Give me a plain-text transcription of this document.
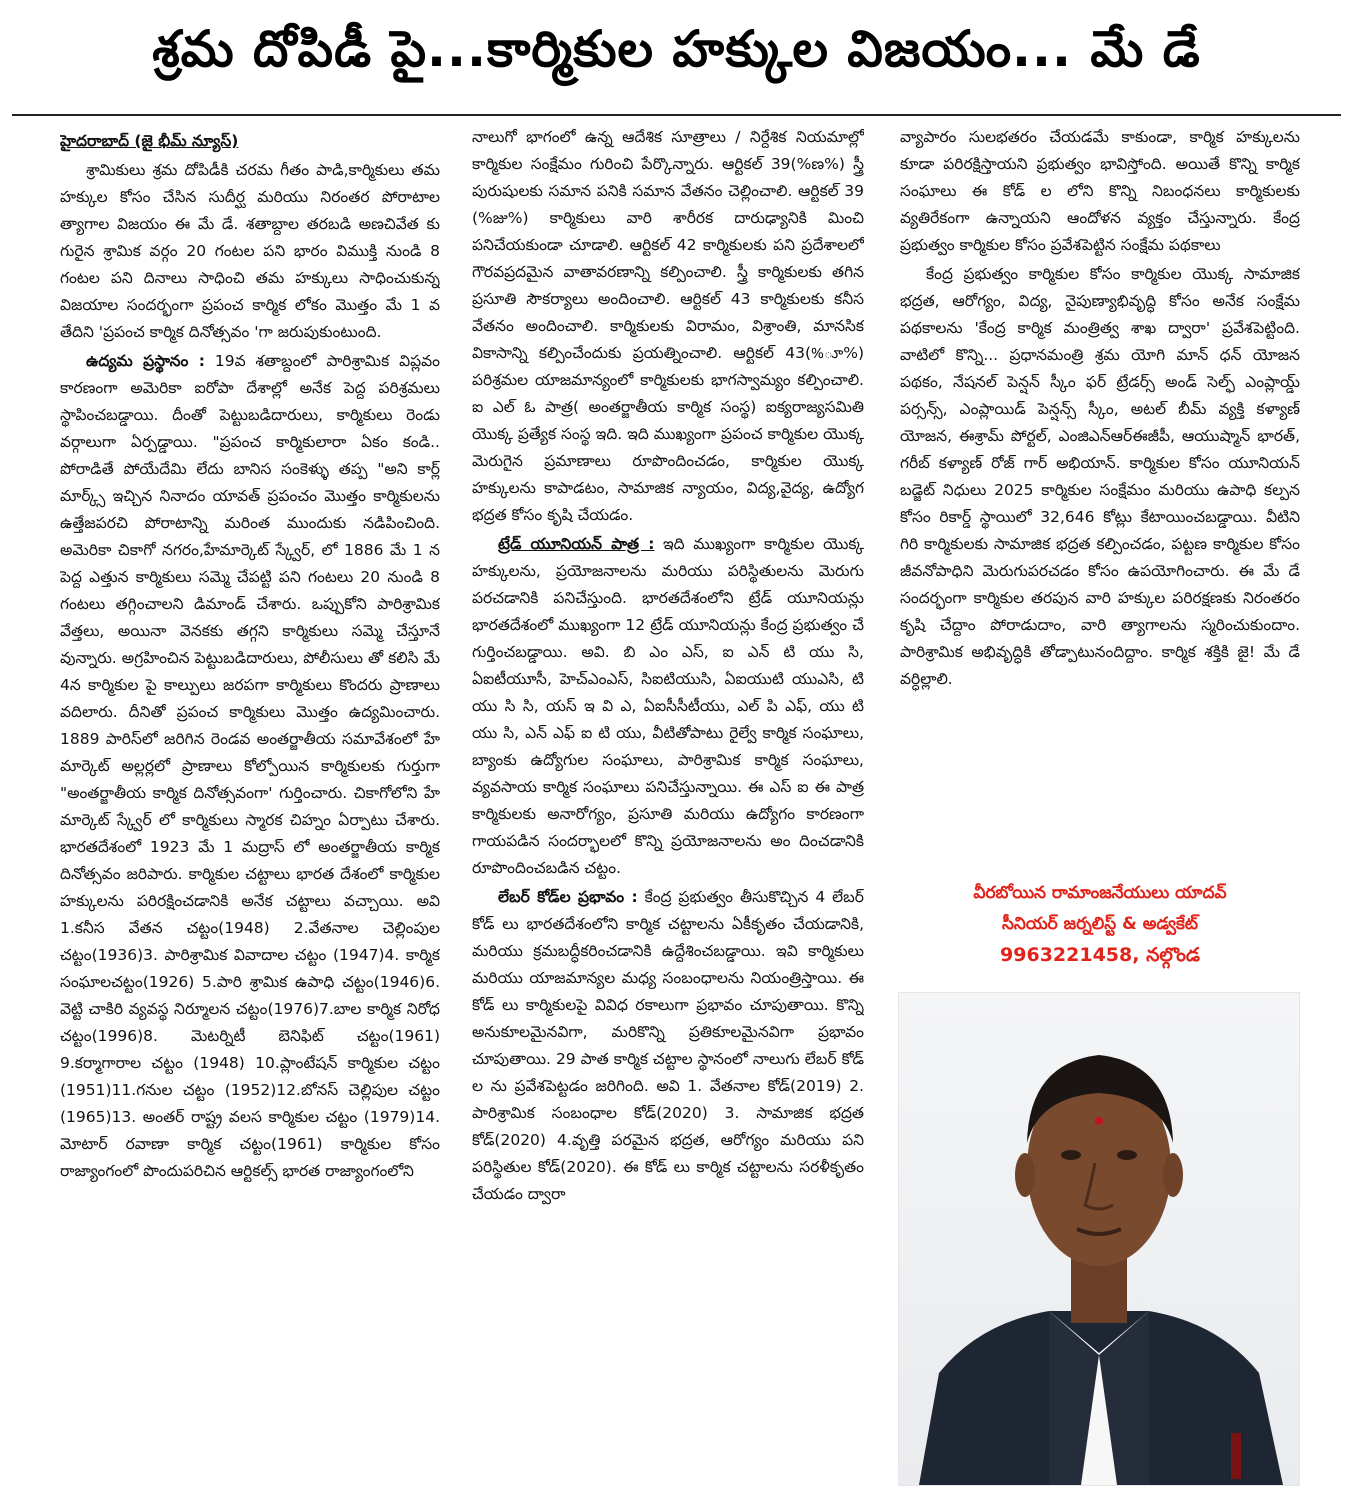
శ్రమ దోపిడీ పై...కార్మికుల హక్కుల విజయం... మే డే
హైదరాబాద్ (జై భీమ్ న్యూస్)
శ్రామికులు శ్రమ దోపిడీకి చరమ గీతం పాడి,కార్మికులు తమ హక్కుల కోసం చేసిన సుదీర్ఘ మరియు నిరంతర పోరాటాల త్యాగాల విజయం ఈ మే డే. శతాబ్దాల తరబడి అణచివేత కు గురైన శ్రామిక వర్గం 20 గంటల పని భారం విముక్తి నుండి 8 గంటల పని దినాలు సాధించి తమ హక్కులు సాధించుకున్న విజయాల సందర్భంగా ప్రపంచ కార్మిక లోకం మొత్తం మే 1 వ తేదిని 'ప్రపంచ కార్మిక దినోత్సవం 'గా జరుపుకుంటుంది.
ఉద్యమ ప్రస్థానం : 19వ శతాబ్దంలో పారిశ్రామిక విప్లవం కారణంగా అమెరికా ఐరోపా దేశాల్లో అనేక పెద్ద పరిశ్రమలు స్థాపించబడ్డాయి. దీంతో పెట్టుబడిదారులు, కార్మికులు రెండు వర్గాలుగా ఏర్పడ్డాయి. "ప్రపంచ కార్మికులారా ఏకం కండి.. పోరాడితే పోయేదేమి లేదు బానిస సంకెళ్ళు తప్ప "అని కార్ల్ మార్క్స్ ఇచ్చిన నినాదం యావత్ ప్రపంచం మొత్తం కార్మికులను ఉత్తేజపరచి పోరాటాన్ని మరింత ముందుకు నడిపించింది. అమెరికా చికాగో నగరం,హేమార్కెట్ స్క్వేర్, లో 1886 మే 1 న పెద్ద ఎత్తున కార్మికులు సమ్మె చేపట్టి పని గంటలు 20 నుండి 8 గంటలు తగ్గించాలని డిమాండ్ చేశారు. ఒప్పుకోని పారిశ్రామిక వేత్తలు, అయినా వెనకకు తగ్గని కార్మికులు సమ్మె చేస్తూనే వున్నారు. అగ్రహించిన పెట్టుబడిదారులు, పోలీసులు తో కలిసి మే 4న కార్మికుల పై కాల్పులు జరపగా కార్మికులు కొందరు ప్రాణాలు వదిలారు. దీనితో ప్రపంచ కార్మికులు మొత్తం ఉద్యమించారు. 1889 పారిస్‌లో జరిగిన రెండవ అంతర్జాతీయ సమావేశంలో హే మార్కెట్ అల్లర్లలో ప్రాణాలు కోల్పోయిన కార్మికులకు గుర్తుగా "అంతర్జాతీయ కార్మిక దినోత్సవంగా' గుర్తించారు. చికాగోలోని హే మార్కెట్ స్క్వేర్ లో కార్మికులు స్మారక చిహ్నం ఏర్పాటు చేశారు. భారతదేశంలో 1923 మే 1 మద్రాస్ లో అంతర్జాతీయ కార్మిక దినోత్సవం జరిపారు. కార్మికుల చట్టాలు భారత దేశంలో కార్మికుల హక్కులను పరిరక్షించడానికి అనేక చట్టాలు వచ్చాయి. అవి 1.కనీస వేతన చట్టం(1948) 2.వేతనాల చెల్లింపుల చట్టం(1936)3. పారిశ్రామిక వివాదాల చట్టం (1947)4. కార్మిక సంఘాలచట్టం(1926) 5.పారి శ్రామిక ఉపాధి చట్టం(1946)6. వెట్టి చాకిరి వ్యవస్థ నిర్మూలన చట్టం(1976)7.బాల కార్మిక నిరోధ చట్టం(1996)8. మెటర్నిటీ బెనిఫిట్ చట్టం(1961) 9.కర్మాగారాల చట్టం (1948) 10.ప్లాంటేషన్ కార్మికుల చట్టం (1951)11.గనుల చట్టం (1952)12.బోనస్ చెల్లిపుల చట్టం (1965)13. అంతర్ రాష్ట్ర వలస కార్మికుల చట్టం (1979)14. మోటార్ రవాణా కార్మిక చట్టం(1961) కార్మికుల కోసం రాజ్యాంగంలో పొందుపరిచిన ఆర్టికల్స్ భారత రాజ్యాంగంలోని
నాలుగో భాగంలో ఉన్న ఆదేశిక సూత్రాలు / నిర్దేశిక నియమాల్లో కార్మికుల సంక్షేమం గురించి పేర్కొన్నారు. ఆర్టికల్ 39(%ణ%) స్త్రీ పురుషులకు సమాన పనికి సమాన వేతనం చెల్లించాలి. ఆర్టికల్ 39 (%జు%) కార్మికులు వారి శారీరక దారుఢ్యానికి మించి పనిచేయకుండా చూడాలి. ఆర్టికల్ 42 కార్మికులకు పని ప్రదేశాలలో గౌరవప్రదమైన వాతావరణాన్ని కల్పించాలి. స్త్రీ కార్మికులకు తగిన ప్రసూతి సౌకర్యాలు అందించాలి. ఆర్టికల్ 43 కార్మికులకు కనీస వేతనం అందించాలి. కార్మికులకు విరామం, విశ్రాంతి, మానసిక వికాసాన్ని కల్పించేందుకు ప్రయత్నించాలి. ఆర్టికల్ 43(%ూ%) పరిశ్రమల యాజమాన్యంలో కార్మికులకు భాగస్వామ్యం కల్పించాలి. ఐ ఎల్ ఓ పాత్ర( అంతర్జాతీయ కార్మిక సంస్థ) ఐక్యరాజ్యసమితి యొక్క ప్రత్యేక సంస్థ ఇది. ఇది ముఖ్యంగా ప్రపంచ కార్మికుల యొక్క మెరుగైన ప్రమాణాలు రూపొందించడం, కార్మికుల యొక్క హక్కులను కాపాడటం, సామాజిక న్యాయం, విద్య,వైద్య, ఉద్యోగ భద్రత కోసం కృషి చేయడం.
ట్రేడ్ యూనియన్ పాత్ర : ఇది ముఖ్యంగా కార్మికుల యొక్క హక్కులను, ప్రయోజనాలను మరియు పరిస్థితులను మెరుగు పరచడానికి పనిచేస్తుంది. భారతదేశంలోని ట్రేడ్ యూనియన్లు భారతదేశంలో ముఖ్యంగా 12 ట్రేడ్ యూనియన్లు కేంద్ర ప్రభుత్వం చే గుర్తించబడ్డాయి. అవి. బి ఎం ఎస్, ఐ ఎన్ టి యు సి, ఏఐటీయూసీ, హెచ్ఎంఎస్, సిఐటియుసి, ఏఐయుటి యుఎసి, టి యు సి సి, యస్ ఇ వి ఎ, ఏఐసీసీటీయు, ఎల్ పి ఎఫ్, యు టి యు సి, ఎన్ ఎఫ్ ఐ టి యు, వీటితోపాటు రైల్వే కార్మిక సంఘాలు, బ్యాంకు ఉద్యోగుల సంఘాలు, పారిశ్రామిక కార్మిక సంఘాలు, వ్యవసాయ కార్మిక సంఘాలు పనిచేస్తున్నాయి. ఈ ఎస్ ఐ ఈ పాత్ర కార్మికులకు అనారోగ్యం, ప్రసూతి మరియు ఉద్యోగం కారణంగా గాయపడిన సందర్భాలలో కొన్ని ప్రయోజనాలను అం దించడానికి రూపొందించబడిన చట్టం.
లేబర్ కోడ్‌ల ప్రభావం : కేంద్ర ప్రభుత్వం తీసుకొచ్చిన 4 లేబర్ కోడ్ లు భారతదేశంలోని కార్మిక చట్టాలను ఏకీకృతం చేయడానికి, మరియు క్రమబద్ధీకరించడానికి ఉద్దేశించబడ్డాయి. ఇవి కార్మికులు మరియు యాజమాన్యల మధ్య సంబంధాలను నియంత్రిస్తాయి. ఈ కోడ్ లు కార్మికులపై వివిధ రకాలుగా ప్రభావం చూపుతాయి. కొన్ని అనుకూలమైనవిగా, మరికొన్ని ప్రతికూలమైనవిగా ప్రభావం చూపుతాయి. 29 పాత కార్మిక చట్టాల స్థానంలో నాలుగు లేబర్ కోడ్ ల ను ప్రవేశపెట్టడం జరిగింది. అవి 1. వేతనాల కోడ్(2019) 2. పారిశ్రామిక సంబంధాల కోడ్(2020) 3. సామాజిక భద్రత కోడ్(2020) 4.వృత్తి పరమైన భద్రత, ఆరోగ్యం మరియు పని పరిస్థితుల కోడ్(2020). ఈ కోడ్ లు కార్మిక చట్టాలను సరళీకృతం చేయడం ద్వారా
వ్యాపారం సులభతరం చేయడమే కాకుండా, కార్మిక హక్కులను కూడా పరిరక్షిస్తాయని ప్రభుత్వం భావిస్తోంది. అయితే కొన్ని కార్మిక సంఘాలు ఈ కోడ్ ల లోని కొన్ని నిబంధనలు కార్మికులకు వ్యతిరేకంగా ఉన్నాయని ఆందోళన వ్యక్తం చేస్తున్నారు. కేంద్ర ప్రభుత్వం కార్మికుల కోసం ప్రవేశపెట్టిన సంక్షేమ పథకాలు
కేంద్ర ప్రభుత్వం కార్మికుల కోసం కార్మికుల యొక్క సామాజిక భద్రత, ఆరోగ్యం, విద్య, నైపుణ్యాభివృద్ధి కోసం అనేక సంక్షేమ పథకాలను 'కేంద్ర కార్మిక మంత్రిత్వ శాఖ ద్వారా' ప్రవేశపెట్టింది. వాటిలో కొన్ని... ప్రధానమంత్రి శ్రమ యోగి మాన్ ధన్ యోజన పథకం, నేషనల్ పెన్షన్ స్కీం ఫర్ ట్రేడర్స్ అండ్ సెల్ఫ్ ఎంప్లాయ్డ్ పర్సన్స్, ఎంప్లాయిడ్ పెన్షన్స్ స్కీం, అటల్ బీమ్ వ్యక్తి కళ్యాణ్ యోజన, ఈశ్రామ్ పోర్టల్, ఎంజిఎన్ఆర్ఈజీపీ, ఆయుష్మాన్ భారత్, గరీబ్ కళ్యాణ్ రోజ్ గార్ అభియాన్. కార్మికుల కోసం యూనియన్ బడ్జెట్ నిధులు 2025 కార్మికుల సంక్షేమం మరియు ఉపాధి కల్పన కోసం రికార్డ్ స్థాయిలో 32,646 కోట్లు కేటాయించబడ్డాయి. వీటిని గిరి కార్మికులకు సామాజిక భద్రత కల్పించడం, పట్టణ కార్మికుల కోసం జీవనోపాధిని మెరుగుపరచడం కోసం ఉపయోగించారు. ఈ మే డే సందర్భంగా కార్మికుల తరపున వారి హక్కుల పరిరక్షణకు నిరంతరం కృషి చేద్దాం పోరాడుదాం, వారి త్యాగాలను స్మరించుకుందాం. పారిశ్రామిక అభివృద్ధికి తోడ్పాటునందిద్దాం. కార్మిక శక్తికి జై! మే డే వర్ధిల్లాలి.
వీరబోయిన రామాంజనేయులు యాదవ్
సీనియర్ జర్నలిస్ట్ & అడ్వకేట్
9963221458, నల్గొండ
